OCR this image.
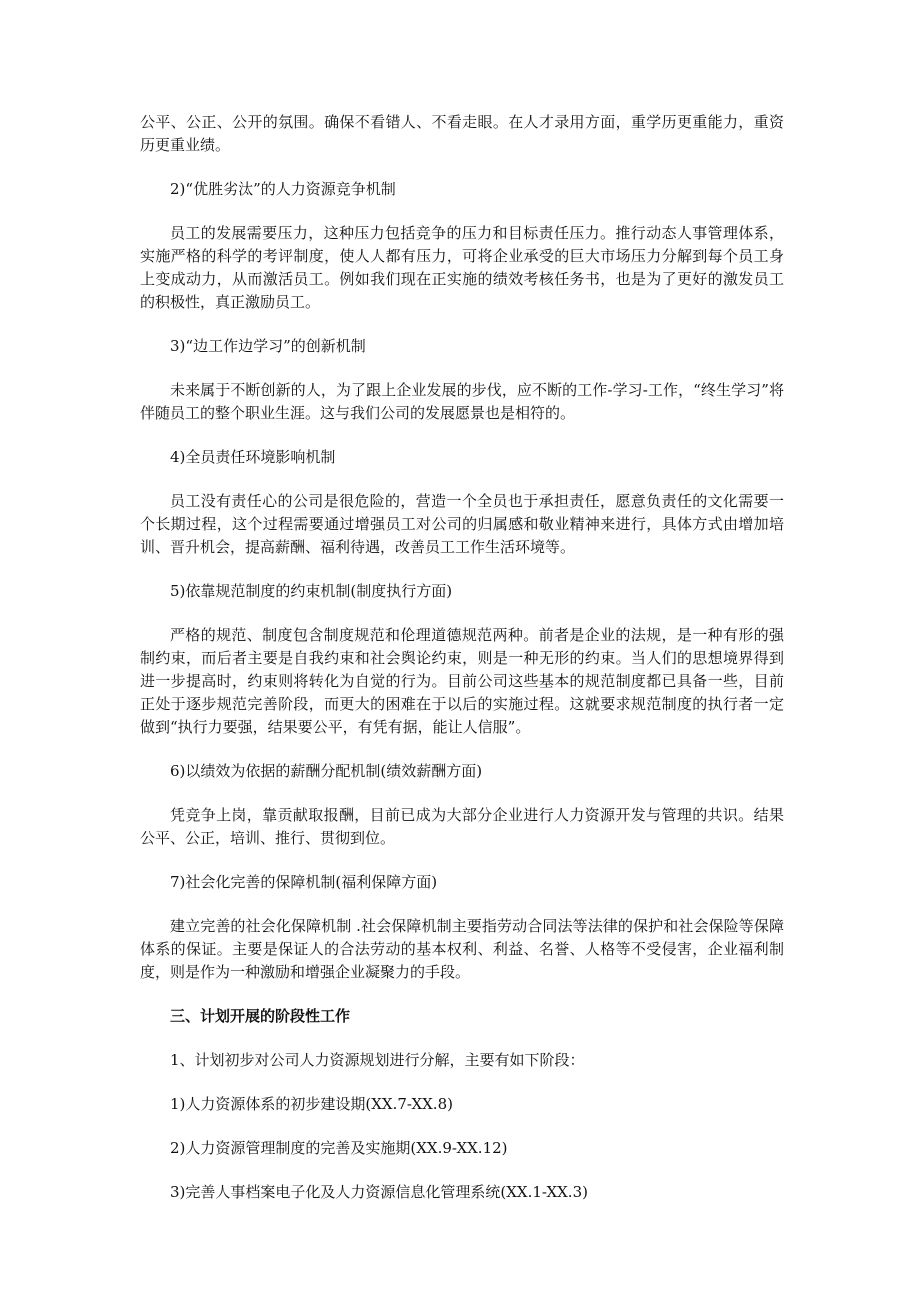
公平、公正、公开的氛围。确保不看错人、不看走眼。在人才录用方面，重学历更重能力，重资历更重业绩。

2)“优胜劣汰”的人力资源竞争机制

员工的发展需要压力，这种压力包括竞争的压力和目标责任压力。推行动态人事管理体系，实施严格的科学的考评制度，使人人都有压力，可将企业承受的巨大市场压力分解到每个员工身上变成动力，从而激活员工。例如我们现在正实施的绩效考核任务书，也是为了更好的激发员工的积极性，真正激励员工。

3)“边工作边学习”的创新机制

未来属于不断创新的人，为了跟上企业发展的步伐，应不断的工作-学习-工作，“终生学习”将伴随员工的整个职业生涯。这与我们公司的发展愿景也是相符的。

4)全员责任环境影响机制

员工没有责任心的公司是很危险的，营造一个全员也于承担责任，愿意负责任的文化需要一个长期过程，这个过程需要通过增强员工对公司的归属感和敬业精神来进行，具体方式由增加培训、晋升机会，提高薪酬、福利待遇，改善员工工作生活环境等。

5)依靠规范制度的约束机制(制度执行方面)

严格的规范、制度包含制度规范和伦理道德规范两种。前者是企业的法规，是一种有形的强制约束，而后者主要是自我约束和社会舆论约束，则是一种无形的约束。当人们的思想境界得到进一步提高时，约束则将转化为自觉的行为。目前公司这些基本的规范制度都已具备一些，目前正处于逐步规范完善阶段，而更大的困难在于以后的实施过程。这就要求规范制度的执行者一定做到“执行力要强，结果要公平，有凭有据，能让人信服”。

6)以绩效为依据的薪酬分配机制(绩效薪酬方面)

凭竞争上岗，靠贡献取报酬，目前已成为大部分企业进行人力资源开发与管理的共识。结果公平、公正，培训、推行、贯彻到位。

7)社会化完善的保障机制(福利保障方面)

建立完善的社会化保障机制 .社会保障机制主要指劳动合同法等法律的保护和社会保险等保障体系的保证。主要是保证人的合法劳动的基本权利、利益、名誉、人格等不受侵害，企业福利制度，则是作为一种激励和增强企业凝聚力的手段。

三、计划开展的阶段性工作

1、计划初步对公司人力资源规划进行分解，主要有如下阶段：

1)人力资源体系的初步建设期(XX.7-XX.8)

2)人力资源管理制度的完善及实施期(XX.9-XX.12)

3)完善人事档案电子化及人力资源信息化管理系统(XX.1-XX.3)
